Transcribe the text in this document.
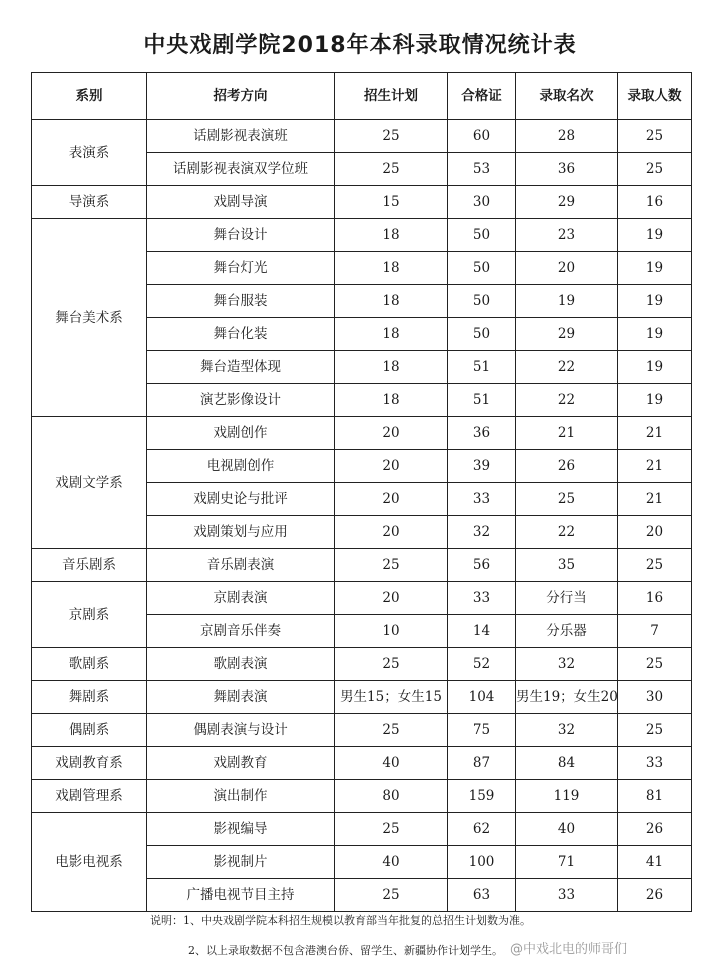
中央戏剧学院2018年本科录取情况统计表
系别	招考方向	招生计划	合格证	录取名次	录取人数
表演系	话剧影视表演班	25	60	28	25
	话剧影视表演双学位班	25	53	36	25
导演系	戏剧导演	15	30	29	16
舞台美术系	舞台设计	18	50	23	19
	舞台灯光	18	50	20	19
	舞台服装	18	50	19	19
	舞台化装	18	50	29	19
	舞台造型体现	18	51	22	19
	演艺影像设计	18	51	22	19
戏剧文学系	戏剧创作	20	36	21	21
	电视剧创作	20	39	26	21
	戏剧史论与批评	20	33	25	21
	戏剧策划与应用	20	32	22	20
音乐剧系	音乐剧表演	25	56	35	25
京剧系	京剧表演	20	33	分行当	16
	京剧音乐伴奏	10	14	分乐器	7
歌剧系	歌剧表演	25	52	32	25
舞剧系	舞剧表演	男生15；女生15	104	男生19；女生20	30
偶剧系	偶剧表演与设计	25	75	32	25
戏剧教育系	戏剧教育	40	87	84	33
戏剧管理系	演出制作	80	159	119	81
电影电视系	影视编导	25	62	40	26
	影视制片	40	100	71	41
	广播电视节目主持	25	63	33	26
说明：1、中央戏剧学院本科招生规模以教育部当年批复的总招生计划数为准。
2、以上录取数据不包含港澳台侨、留学生、新疆协作计划学生。 @中戏北电的师哥们
